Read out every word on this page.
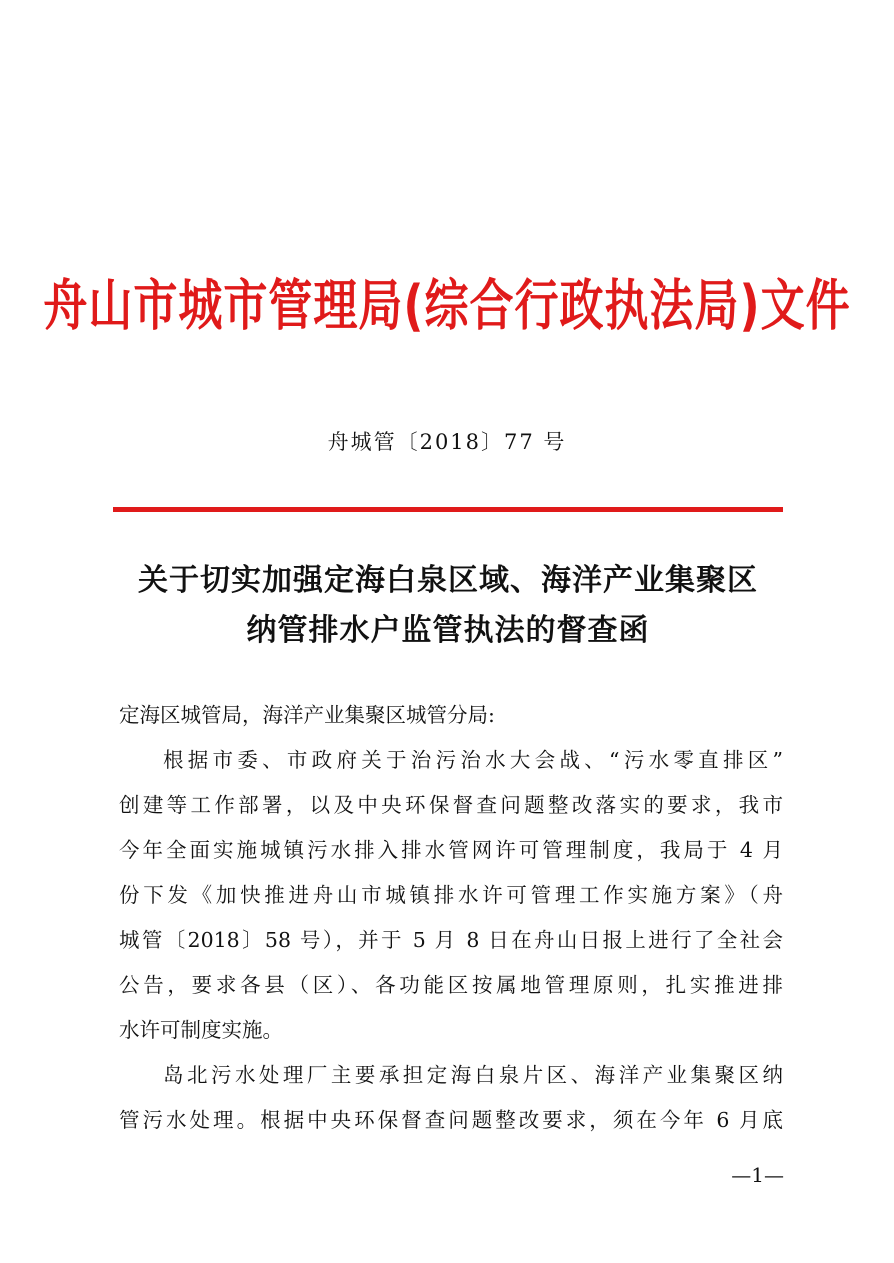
舟山市城市管理局(综合行政执法局)文件
舟城管〔2018〕77 号
关于切实加强定海白泉区域、海洋产业集聚区
纳管排水户监管执法的督查函
定海区城管局，海洋产业集聚区城管分局:
根据市委、市政府关于治污治水大会战、“污水零直排区”
创建等工作部署，以及中央环保督查问题整改落实的要求，我市
今年全面实施城镇污水排入排水管网许可管理制度，我局于 4 月
份下发《加快推进舟山市城镇排水许可管理工作实施方案》（舟
城管〔2018〕58 号），并于 5 月 8 日在舟山日报上进行了全社会
公告，要求各县（区）、各功能区按属地管理原则，扎实推进排
水许可制度实施。
岛北污水处理厂主要承担定海白泉片区、海洋产业集聚区纳
管污水处理。根据中央环保督查问题整改要求，须在今年 6 月底
—1—
